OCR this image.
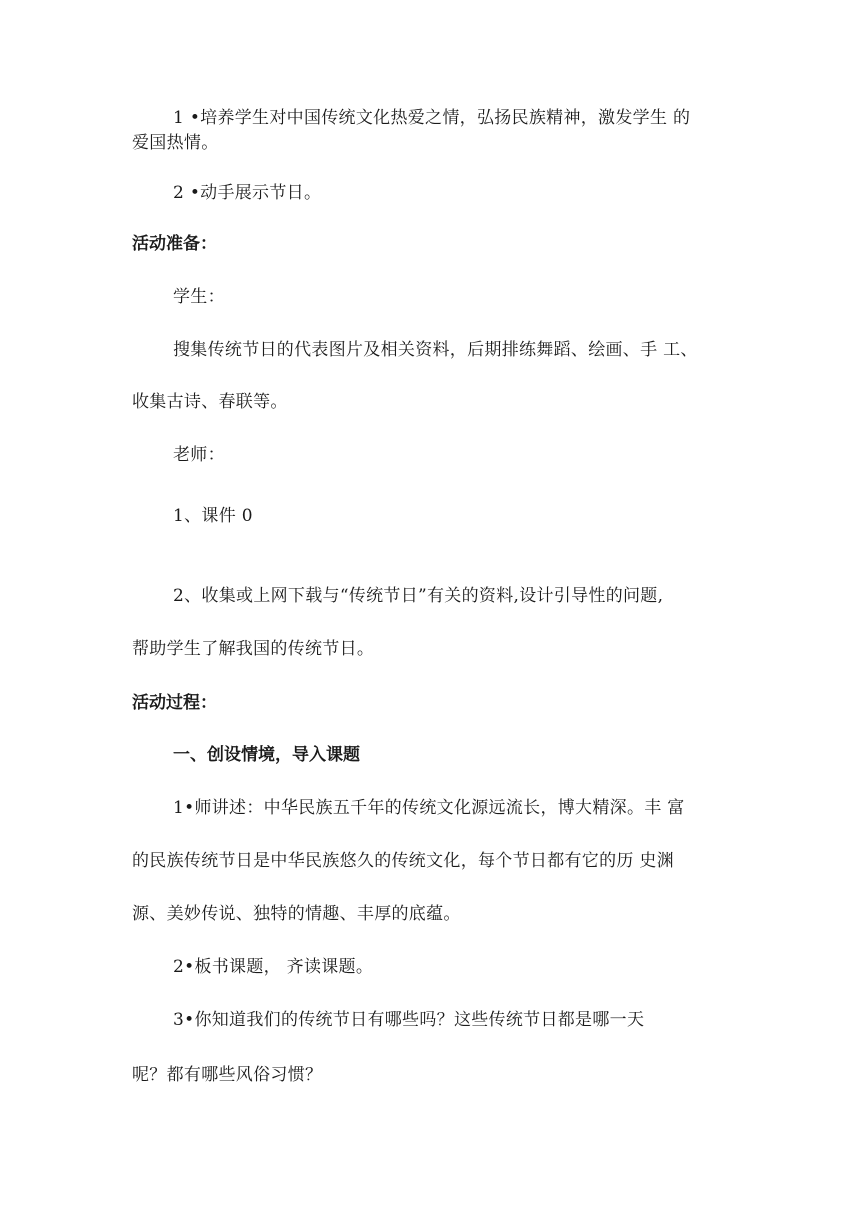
1 •培养学生对中国传统文化热爱之情，弘扬民族精神，激发学生 的
爱国热情。
2 •动手展示节日。
活动准备：
学生：
搜集传统节日的代表图片及相关资料，后期排练舞蹈、绘画、手 工、
收集古诗、春联等。
老师：
1、课件 0
2、收集或上网下载与“传统节日”有关的资料,设计引导性的问题,
帮助学生了解我国的传统节日。
活动过程：
一、创设情境，导入课题
1•师讲述：中华民族五千年的传统文化源远流长，博大精深。丰 富
的民族传统节日是中华民族悠久的传统文化，每个节日都有它的历 史渊
源、美妙传说、独特的情趣、丰厚的底蕴。
2•板书课题， 齐读课题。
3•你知道我们的传统节日有哪些吗？这些传统节日都是哪一天
呢？都有哪些风俗习惯？
